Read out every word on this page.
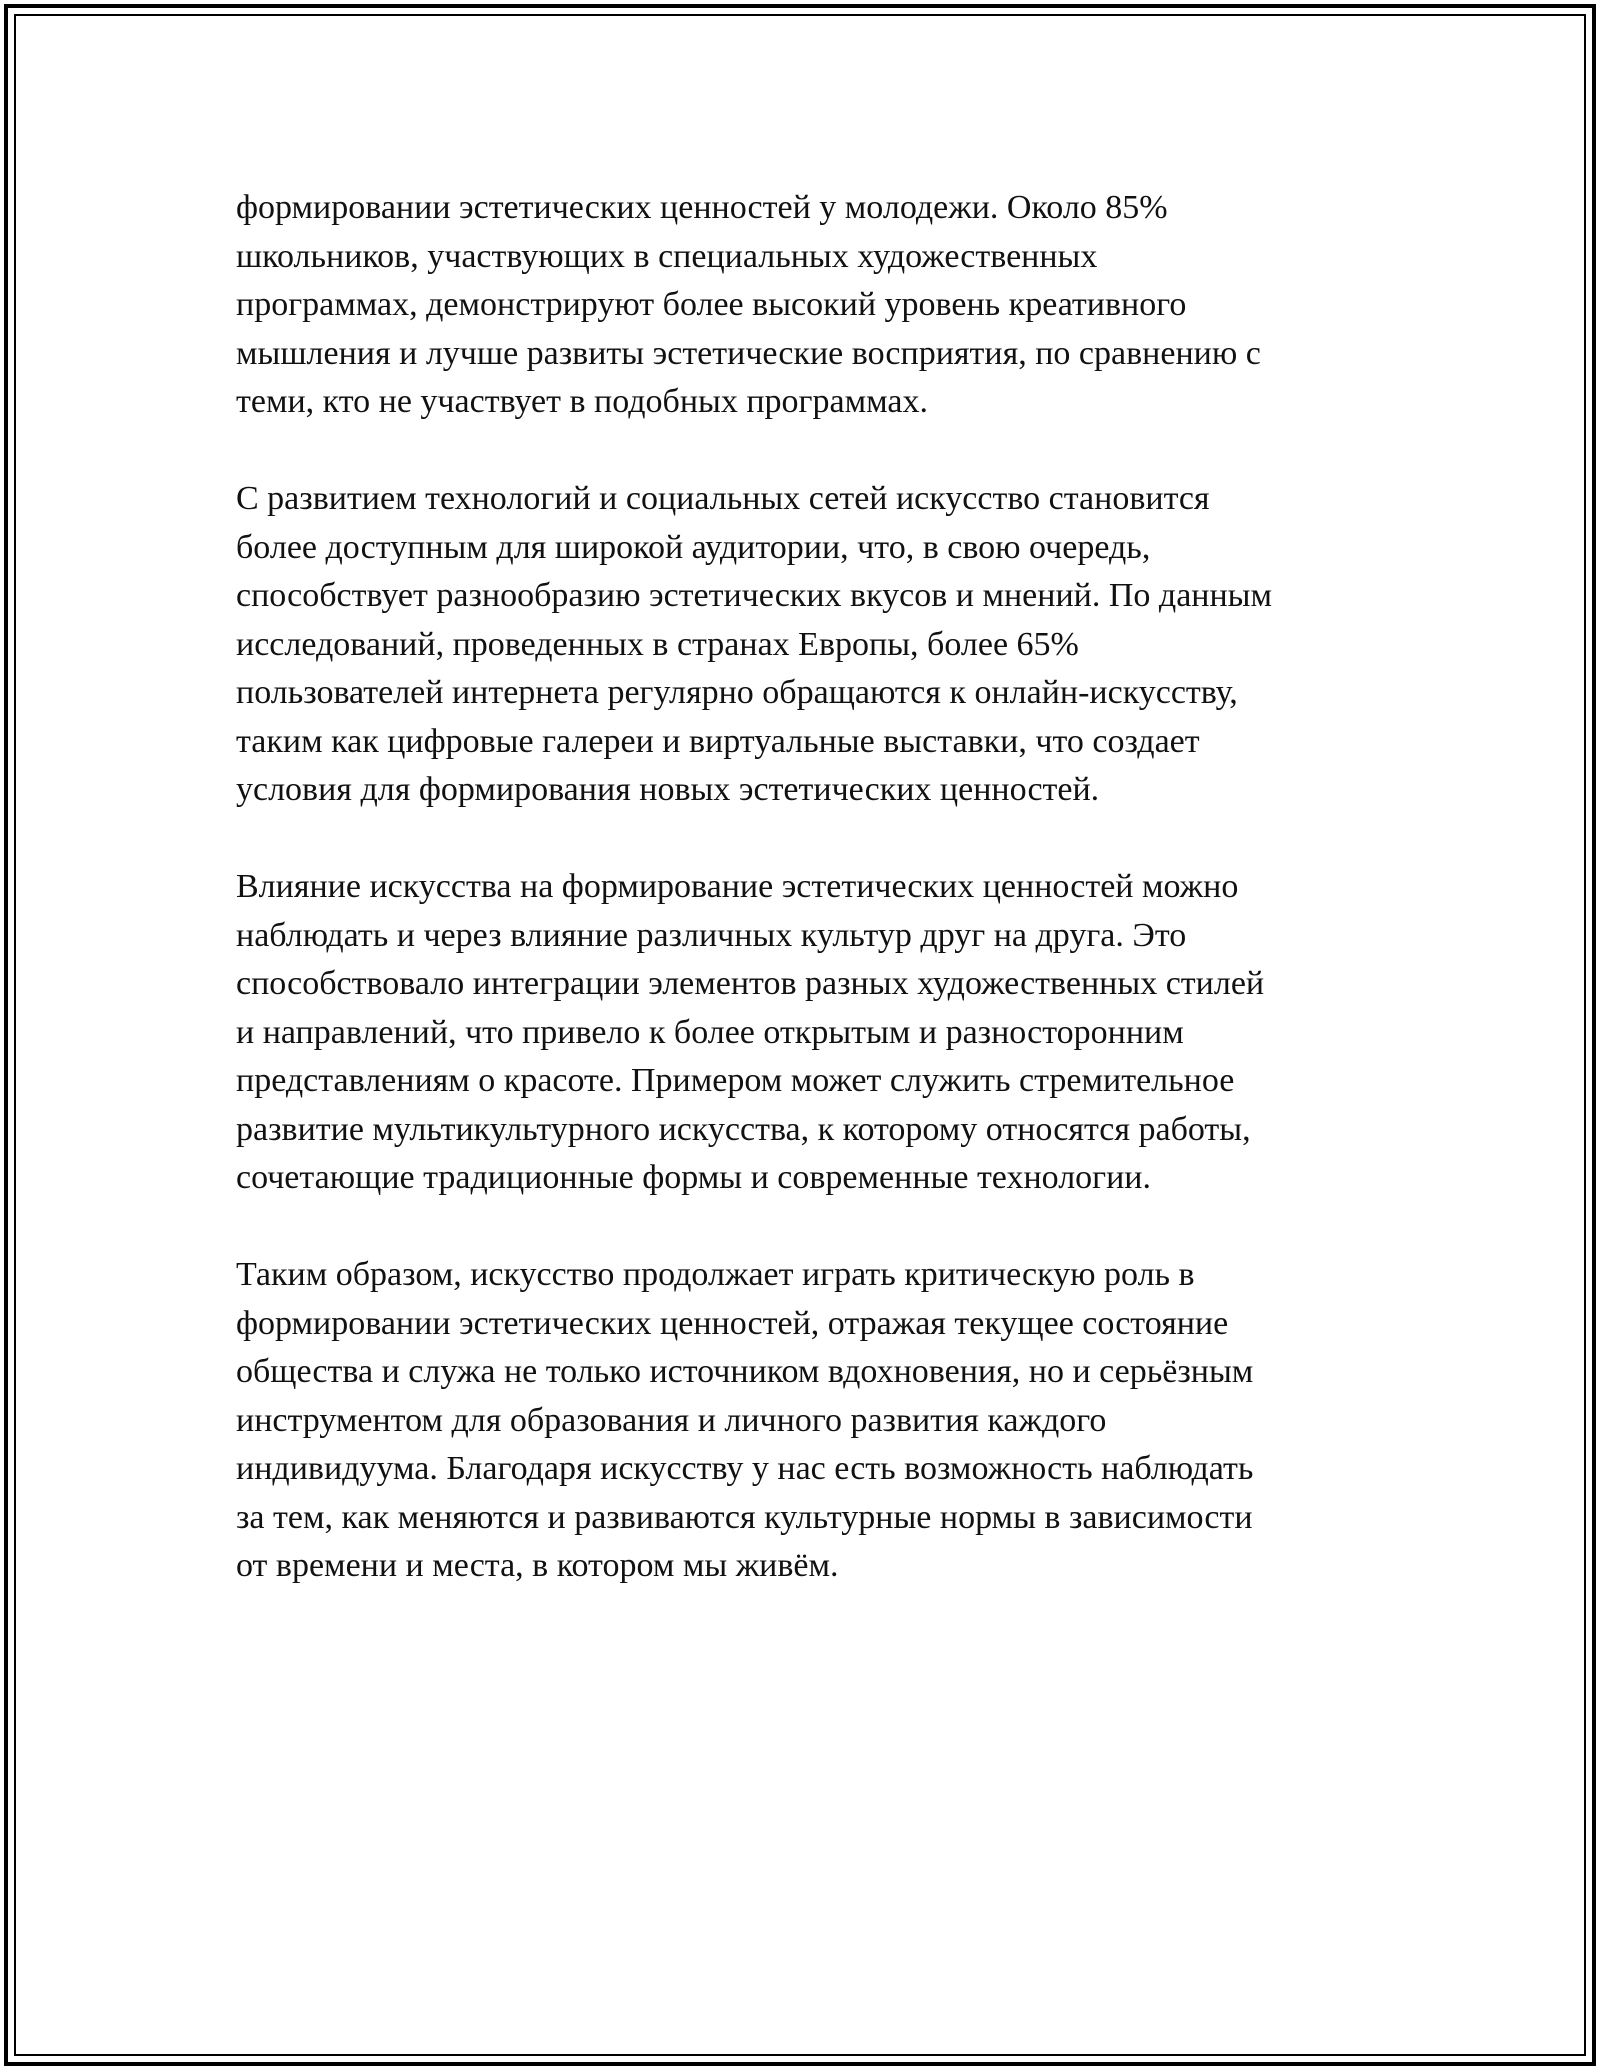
формировании эстетических ценностей у молодежи. Около 85%
школьников, участвующих в специальных художественных
программах, демонстрируют более высокий уровень креативного
мышления и лучше развиты эстетические восприятия, по сравнению с
теми, кто не участвует в подобных программах.

С развитием технологий и социальных сетей искусство становится
более доступным для широкой аудитории, что, в свою очередь,
способствует разнообразию эстетических вкусов и мнений. По данным
исследований, проведенных в странах Европы, более 65%
пользователей интернета регулярно обращаются к онлайн-искусству,
таким как цифровые галереи и виртуальные выставки, что создает
условия для формирования новых эстетических ценностей.

Влияние искусства на формирование эстетических ценностей можно
наблюдать и через влияние различных культур друг на друга. Это
способствовало интеграции элементов разных художественных стилей
и направлений, что привело к более открытым и разносторонним
представлениям о красоте. Примером может служить стремительное
развитие мультикультурного искусства, к которому относятся работы,
сочетающие традиционные формы и современные технологии.

Таким образом, искусство продолжает играть критическую роль в
формировании эстетических ценностей, отражая текущее состояние
общества и служа не только источником вдохновения, но и серьёзным
инструментом для образования и личного развития каждого
индивидуума. Благодаря искусству у нас есть возможность наблюдать
за тем, как меняются и развиваются культурные нормы в зависимости
от времени и места, в котором мы живём.
